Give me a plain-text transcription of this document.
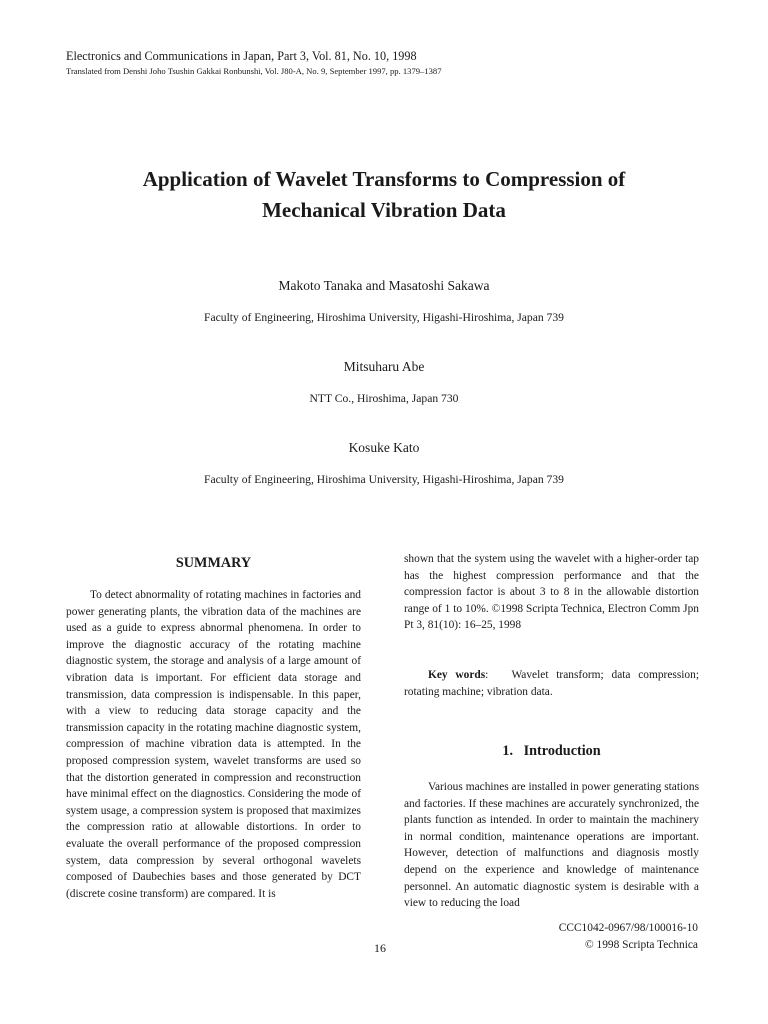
Electronics and Communications in Japan, Part 3, Vol. 81, No. 10, 1998
Translated from Denshi Joho Tsushin Gakkai Ronbunshi, Vol. J80-A, No. 9, September 1997, pp. 1379–1387
Application of Wavelet Transforms to Compression of
Mechanical Vibration Data
Makoto Tanaka and Masatoshi Sakawa
Faculty of Engineering, Hiroshima University, Higashi-Hiroshima, Japan 739
Mitsuharu Abe
NTT Co., Hiroshima, Japan 730
Kosuke Kato
Faculty of Engineering, Hiroshima University, Higashi-Hiroshima, Japan 739
SUMMARY

To detect abnormality of rotating machines in factories and power generating plants, the vibration data of the machines are used as a guide to express abnormal phenomena. In order to improve the diagnostic accuracy of the rotating machine diagnostic system, the storage and analysis of a large amount of vibration data is important. For efficient data storage and transmission, data compression is indispensable. In this paper, with a view to reducing data storage capacity and the transmission capacity in the rotating machine diagnostic system, compression of machine vibration data is attempted. In the proposed compression system, wavelet transforms are used so that the distortion generated in compression and reconstruction have minimal effect on the diagnostics. Considering the mode of system usage, a compression system is proposed that maximizes the compression ratio at allowable distortions. In order to evaluate the overall performance of the proposed compression system, data compression by several orthogonal wavelets composed of Daubechies bases and those generated by DCT (discrete cosine transform) are compared. It is

shown that the system using the wavelet with a higher-order tap has the highest compression performance and that the compression factor is about 3 to 8 in the allowable distortion range of 1 to 10%. ©1998 Scripta Technica, Electron Comm Jpn Pt 3, 81(10): 16–25, 1998

Key words:   Wavelet transform; data compression; rotating machine; vibration data.

1.   Introduction

Various machines are installed in power generating stations and factories. If these machines are accurately synchronized, the plants function as intended. In order to maintain the machinery in normal condition, maintenance operations are important. However, detection of malfunctions and diagnosis mostly depend on the experience and knowledge of maintenance personnel. An automatic diagnostic system is desirable with a view to reducing the load

16
CCC1042-0967/98/100016-10
© 1998 Scripta Technica
